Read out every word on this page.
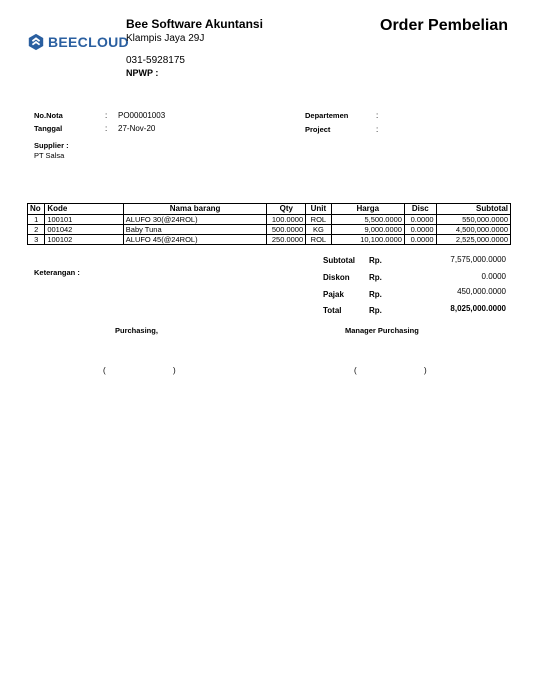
BEECLOUD
Bee Software Akuntansi
Klampis Jaya 29J
031-5928175
NPWP :
Order Pembelian
No.Nota	: PO00001003
Tanggal	: 27-Nov-20
Departemen	:
Project	:
Supplier :
PT Salsa
No	Kode	Nama barang	Qty	Unit	Harga	Disc	Subtotal
1	100101	ALUFO 30(@24ROL)	100.0000	ROL	5,500.0000	0.0000	550,000.0000
2	001042	Baby Tuna	500.0000	KG	9,000.0000	0.0000	4,500,000.0000
3	100102	ALUFO 45(@24ROL)	250.0000	ROL	10,100.0000	0.0000	2,525,000.0000
Keterangan :
Subtotal Rp.	7,575,000.0000
Diskon Rp.	0.0000
Pajak	Rp.	450,000.0000
Total	Rp.	8,025,000.0000
Purchasing,	Manager Purchasing
(	)	(	)
